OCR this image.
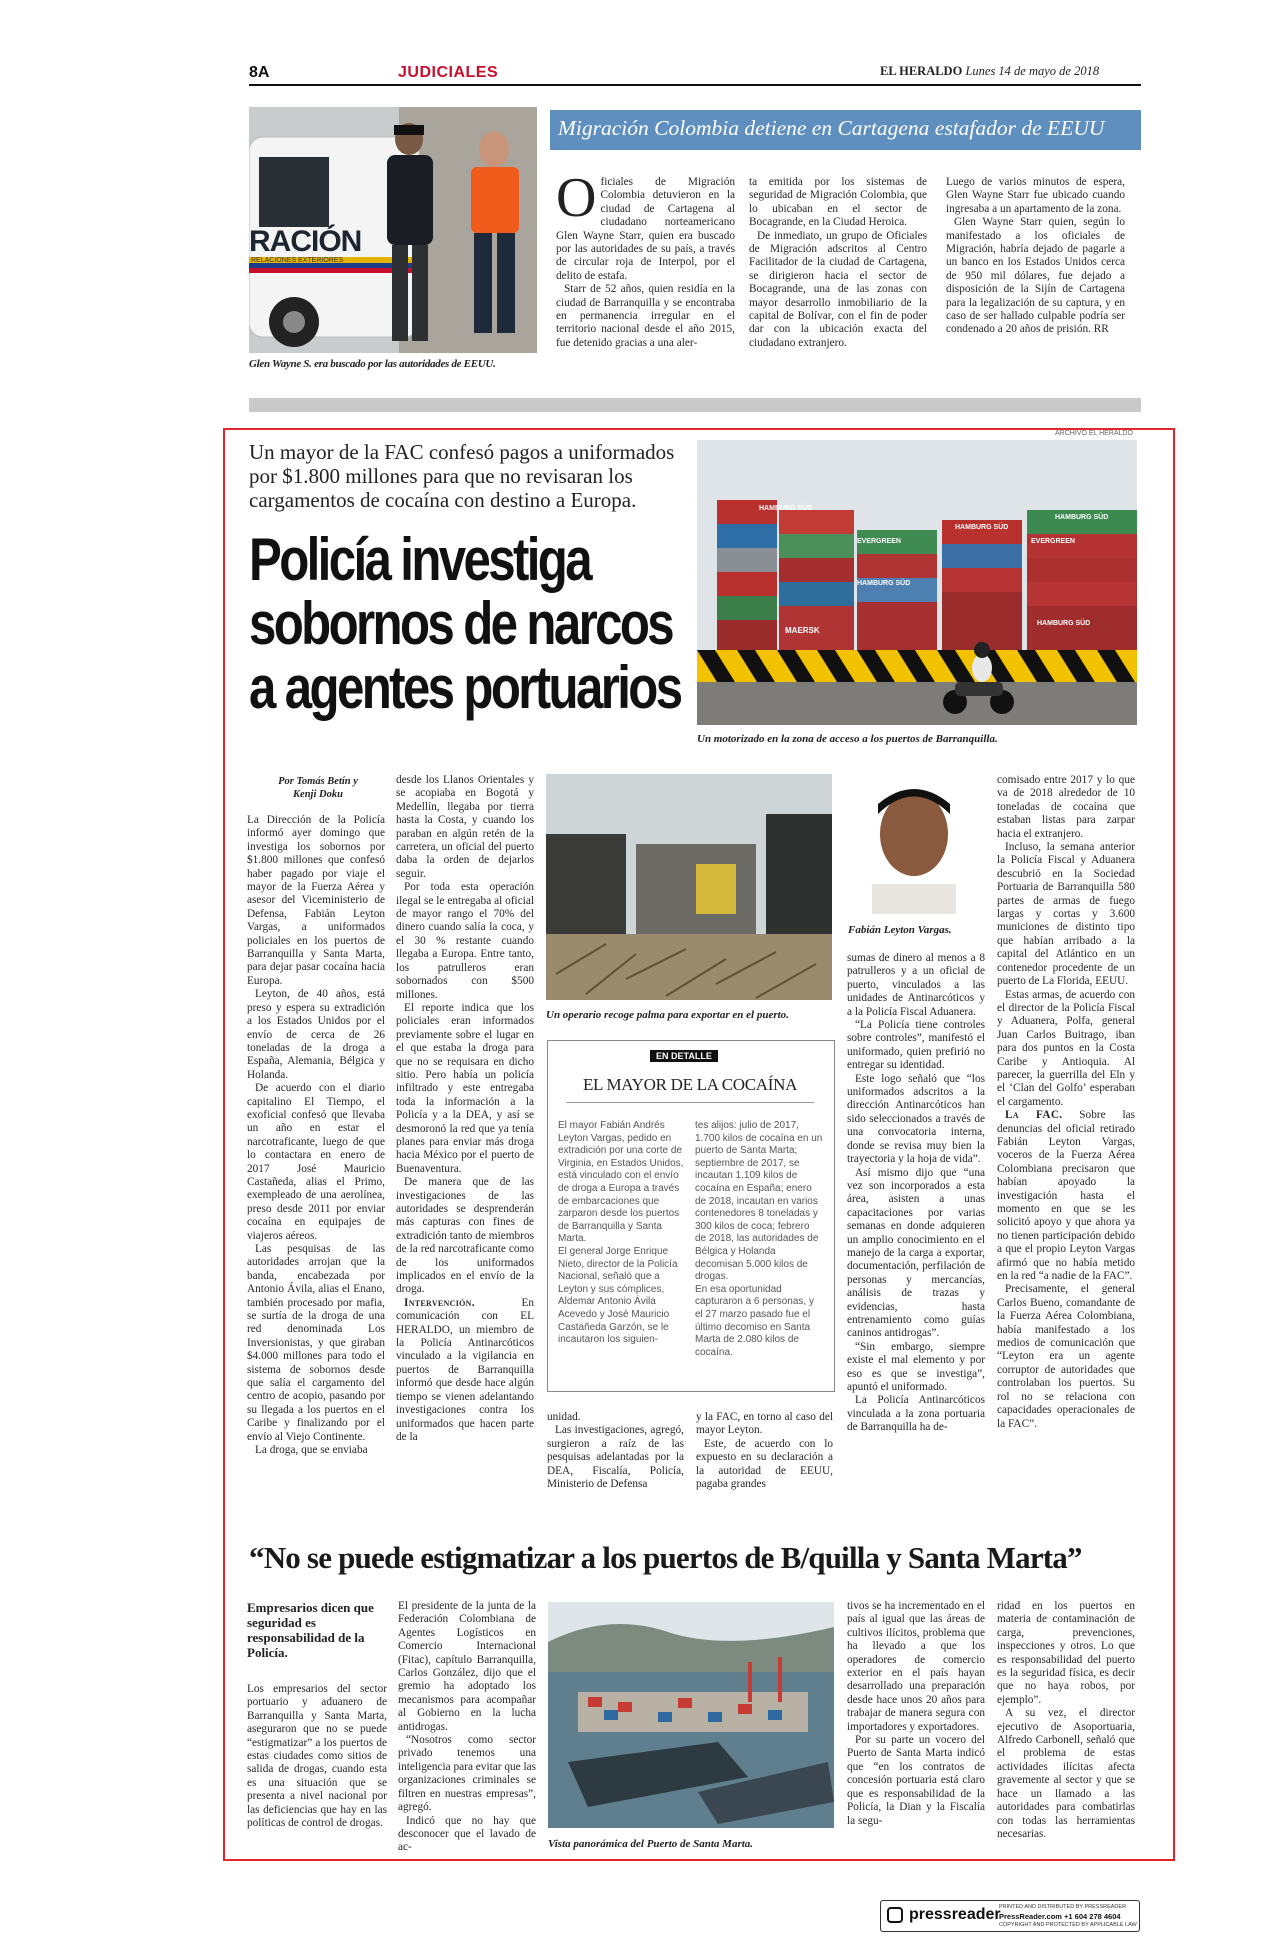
8A	JUDICIALES	EL HERALDO Lunes 14 de mayo de 2018
RACIÓN
RELACIONES EXTERIORES
Glen Wayne S. era buscado por las autoridades de EEUU.
Migración Colombia detiene en Cartagena estafador de EEUU
O ficiales de Migración Colombia detuvieron en la ciudad de Cartagena al ciudadano norteamericano Glen Wayne Starr, quien era buscado por las autoridades de su país, a través de circular roja de Interpol, por el delito de estafa.

Starr de 52 años, quien residía en la ciudad de Barranquilla y se encontraba en permanencia irregular en el territorio nacional desde el año 2015, fue detenido gracias a una aler-

ta emitida por los sistemas de seguridad de Migración Colombia, que lo ubicaban en el sector de Bocagrande, en la Ciudad Heroica.

De inmediato, un grupo de Oficiales de Migración adscritos al Centro Facilitador de la ciudad de Cartagena, se dirigieron hacia el sector de Bocagrande, una de las zonas con mayor desarrollo inmobiliario de la capital de Bolívar, con el fin de poder dar con la ubicación exacta del ciudadano extranjero.

Luego de varios minutos de espera, Glen Wayne Starr fue ubicado cuando ingresaba a un apartamento de la zona.

Glen Wayne Starr quien, según lo manifestado a los oficiales de Migración, habría dejado de pagarle a un banco en los Estados Unidos cerca de 950 mil dólares, fue dejado a disposición de la Sijín de Cartagena para la legalización de su captura, y en caso de ser hallado culpable podría ser condenado a 20 años de prisión. RR

ARCHIVO EL HERALDO
Un mayor de la FAC confesó pagos a uniformados por $1.800 millones para que no revisaran los cargamentos de cocaína con destino a Europa.
Policía investiga
sobornos de narcos
a agentes portuarios
HAMBURG SÜD
EVERGREEN
HAMBURG SÜD
MAERSK
HAMBURG SÜD
EVERGREEN
HAMBURG SÜD
HAMBURG SÜD
Un motorizado en la zona de acceso a los puertos de Barranquilla.
Por Tomás Betín y Kenji Doku

La Dirección de la Policía informó ayer domingo que investiga los sobornos por $1.800 millones que confesó haber pagado por viaje el mayor de la Fuerza Aérea y asesor del Viceministerio de Defensa, Fabián Leyton Vargas, a uniformados policiales en los puertos de Barranquilla y Santa Marta, para dejar pasar cocaína hacia Europa.

Leyton, de 40 años, está preso y espera su extradición a los Estados Unidos por el envío de cerca de 26 toneladas de la droga a España, Alemania, Bélgica y Holanda.

De acuerdo con el diario capitalino El Tiempo, el exoficial confesó que llevaba un año en estar el narcotraficante, luego de que lo contactara en enero de 2017 José Mauricio Castañeda, alias el Primo, exempleado de una aerolínea, preso desde 2011 por enviar cocaína en equipajes de viajeros aéreos.

Las pesquisas de las autoridades arrojan que la banda, encabezada por Antonio Ávila, alias el Enano, también procesado por mafia, se surtía de la droga de una red denominada Los Inversionistas, y que giraban $4.000 millones para todo el sistema de sobornos desde que salía el cargamento del centro de acopio, pasando por su llegada a los puertos en el Caribe y finalizando por el envío al Viejo Continente.

La droga, que se enviaba

desde los Llanos Orientales y se acopiaba en Bogotá y Medellín, llegaba por tierra hasta la Costa, y cuando los paraban en algún retén de la carretera, un oficial del puerto daba la orden de dejarlos seguir.

Por toda esta operación ilegal se le entregaba al oficial de mayor rango el 70% del dinero cuando salía la coca, y el 30 % restante cuando llegaba a Europa. Entre tanto, los patrulleros eran sobornados con $500 millones.

El reporte indica que los policiales eran informados previamente sobre el lugar en el que estaba la droga para que no se requisara en dicho sitio. Pero había un policía infiltrado y este entregaba toda la información a la Policía y a la DEA, y así se desmoronó la red que ya tenía planes para enviar más droga hacia México por el puerto de Buenaventura.

De manera que de las investigaciones de las autoridades se desprenderán más capturas con fines de extradición tanto de miembros de la red narcotraficante como de los uniformados implicados en el envío de la droga.

Intervención.	En comunicación con EL HERALDO, un miembro de la Policía Antinarcóticos vinculado a la vigilancia en puertos de Barranquilla informó que desde hace algún tiempo se vienen adelantando investigaciones contra los uniformados que hacen parte de la

Un operario recoge palma para exportar en el puerto.
Fabián Leyton Vargas.
EN DETALLE
EL MAYOR DE LA COCAÍNA
El mayor Fabián Andrés Leyton Vargas, pedido en extradición por una corte de Virginia, en Estados Unidos, está vinculado con el envío de droga a Europa a través de embarcaciones que zarparon desde los puertos de Barranquilla y Santa Marta.
El general Jorge Enrique Nieto, director de la Policía Nacional, señaló que a Leyton y sus cómplices, Aldemar Antonio Ávila Acevedo y José Mauricio Castañeda Garzón, se le incautaron los siguien-
tes alijos: julio de 2017, 1.700 kilos de cocaína en un puerto de Santa Marta; septiembre de 2017, se incautan 1.109 kilos de cocaína en España; enero de 2018, incautan en varios contenedores 8 toneladas y 300 kilos de coca; febrero de 2018, las autoridades de Bélgica y Holanda decomisan 5.000 kilos de drogas.
En esa oportunidad capturaron a 6 personas, y el 27 marzo pasado fue el último decomiso en Santa Marta de 2.080 kilos de cocaína.

unidad.

Las investigaciones, agregó, surgieron a raíz de las pesquisas adelantadas por la DEA, Fiscalía, Policía, Ministerio de Defensa

y la FAC, en torno al caso del mayor Leyton.

Este, de acuerdo con lo expuesto en su declaración a la autoridad de EEUU, pagaba grandes

sumas de dinero al menos a 8 patrulleros y a un oficial de puerto, vinculados a las unidades de Antinarcóticos y a la Policía Fiscal Aduanera.

“La Policía tiene controles sobre controles”, manifestó el uniformado, quien prefirió no entregar su identidad.

Este logo señaló que “los uniformados adscritos a la dirección Antinarcóticos han sido seleccionados a través de una convocatoria interna, donde se revisa muy bien la trayectoria y la hoja de vida”.

Así mismo dijo que “una vez son incorporados a esta área, asisten a unas capacitaciones por varias semanas en donde adquieren un amplio conocimiento en el manejo de la carga a exportar, documentación, perfilación de personas y mercancías, análisis de trazas y evidencias, hasta entrenamiento como guías caninos antidrogas”.

“Sin embargo, siempre existe el mal elemento y por eso es que se investiga”, apuntó el uniformado.

La Policía Antinarcóticos vinculada a la zona portuaria de Barranquilla ha de-

comisado entre 2017 y lo que va de 2018 alrededor de 10 toneladas de cocaína que estaban listas para zarpar hacia el extranjero.

Incluso, la semana anterior la Policía Fiscal y Aduanera descubrió en la Sociedad Portuaria de Barranquilla 580 partes de armas de fuego largas y cortas y 3.600 municiones de distinto tipo que habían arribado a la capital del Atlántico en un contenedor procedente de un puerto de La Florida, EEUU.

Estas armas, de acuerdo con el director de la Policía Fiscal y Aduanera, Polfa, general Juan Carlos Buitrago, iban para dos puntos en la Costa Caribe y Antioquia. Al parecer, la guerrilla del Eln y el ‘Clan del Golfo’ esperaban el cargamento.

La FAC. Sobre las denuncias del oficial retirado Fabián Leyton Vargas, voceros de la Fuerza Aérea Colombiana precisaron que habían apoyado la investigación hasta el momento en que se les solicitó apoyo y que ahora ya no tienen participación debido a que el propio Leyton Vargas afirmó que no había metido en la red “a nadie de la FAC”.

Precisamente, el general Carlos Bueno, comandante de la Fuerza Aérea Colombiana, había manifestado a los medios de comunicación que “Leyton era un agente corruptor de autoridades que controlaban los puertos. Su rol no se relaciona con capacidades operacionales de la FAC”.

“No se puede estigmatizar a los puertos de B/quilla y Santa Marta”
Empresarios dicen que seguridad es responsabilidad de la Policía.

Los empresarios del sector portuario y aduanero de Barranquilla y Santa Marta, aseguraron que no se puede “estigmatizar” a los puertos de estas ciudades como sitios de salida de drogas, cuando esta es una situación que se presenta a nivel nacional por las deficiencias que hay en las políticas de control de drogas.

El presidente de la junta de la Federación Colombiana de Agentes Logísticos en Comercio Internacional (Fitac), capítulo Barranquilla, Carlos González, dijo que el gremio ha adoptado los mecanismos para acompañar al Gobierno en la lucha antidrogas.

“Nosotros como sector privado tenemos una inteligencia para evitar que las organizaciones criminales se filtren en nuestras empresas”, agregó.

Indicó que no hay que desconocer que el lavado de ac-	Vista panorámica del Puerto de Santa Marta.

tivos se ha incrementado en el país al igual que las áreas de cultivos ilícitos, problema que ha llevado a que los operadores de comercio exterior en el país hayan desarrollado una preparación desde hace unos 20 años para trabajar de manera segura con importadores y exportadores.

Por su parte un vocero del Puerto de Santa Marta indicó que “en los contratos de concesión portuaria está claro que es responsabilidad de la Policía, la Dian y la Fiscalía la segu-

ridad en los puertos en materia de contaminación de carga, prevenciones, inspecciones y otros. Lo que es responsabilidad del puerto es la seguridad física, es decir que no haya robos, por ejemplo”.

A su vez, el director ejecutivo de Asoportuaria, Alfredo Carbonell, señaló que el problema de estas actividades ilícitas afecta gravemente al sector y que se hace un llamado a las autoridades para combatirlas con todas las herramientas necesarias.

pressreader
PRINTED AND DISTRIBUTED BY PRESSREADER
PressReader.com +1 604 278 4604
COPYRIGHT AND PROTECTED BY APPLICABLE LAW
